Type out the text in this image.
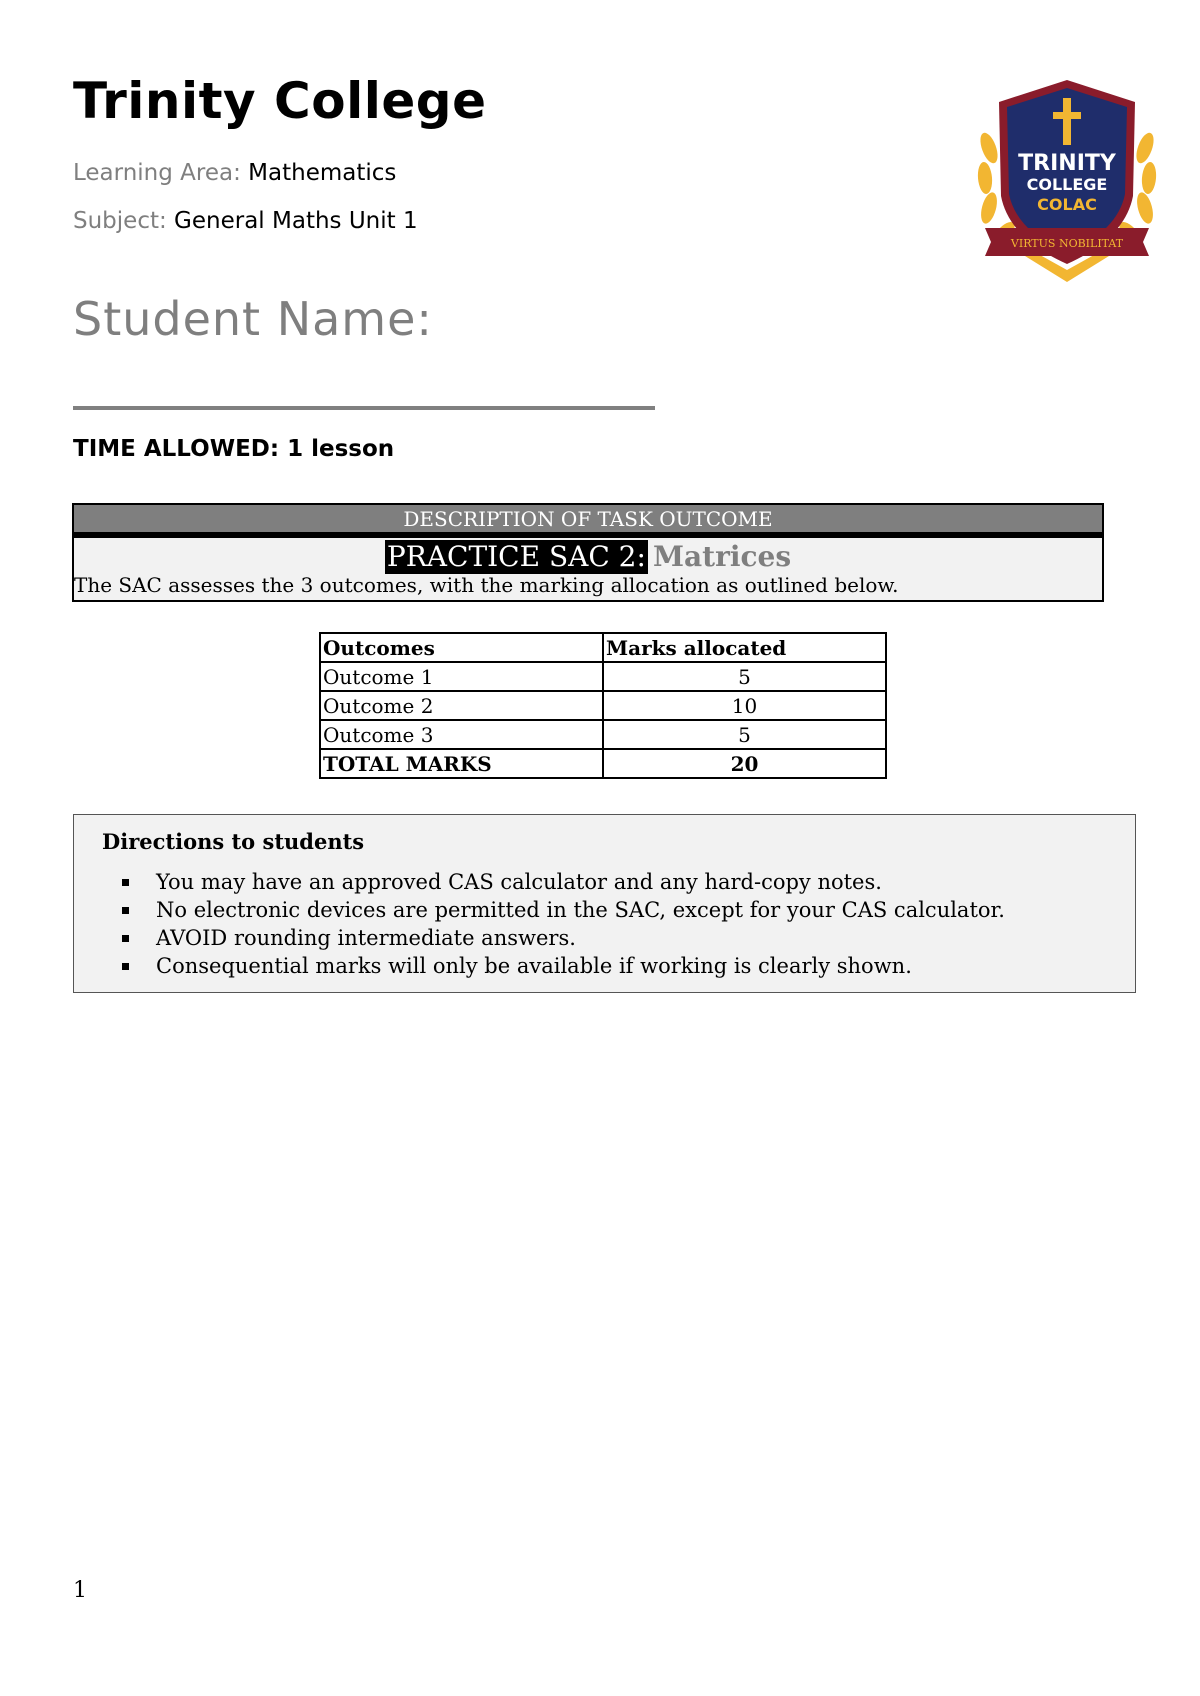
Trinity College
Learning Area: Mathematics
Subject: General Maths Unit 1
Student Name:
TIME ALLOWED: 1 lesson
TRINITY
COLLEGE
COLAC
VIRTUS NOBILITAT
DESCRIPTION OF TASK OUTCOME
PRACTICE SAC 2: Matrices
The SAC assesses the 3 outcomes, with the marking allocation as outlined below.
Outcomes	Marks allocated
Outcome 1	5
Outcome 2	10
Outcome 3	5
TOTAL MARKS	20
Directions to students
You may have an approved CAS calculator and any hard-copy notes.
No electronic devices are permitted in the SAC, except for your CAS calculator.
AVOID rounding intermediate answers.
Consequential marks will only be available if working is clearly shown.
1
